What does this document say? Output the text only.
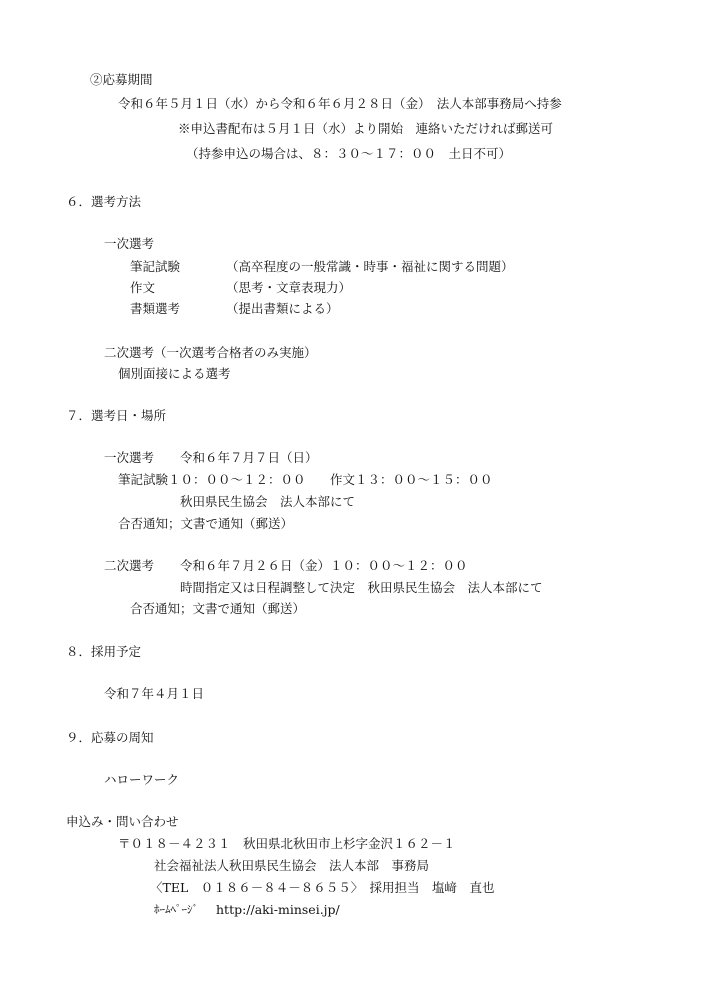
②応募期間
令和６年５月１日（水）から令和６年６月２８日（金）　法人本部事務局へ持参
※申込書配布は５月１日（水）より開始　連絡いただければ郵送可
（持参申込の場合は、８：３０～１７：００　土日不可）
６．選考方法
一次選考
筆記試験	（高卒程度の一般常識・時事・福祉に関する問題）
作文	（思考・文章表現力）
書類選考	（提出書類による）
二次選考（一次選考合格者のみ実施）
個別面接による選考
７．選考日・場所
一次選考 令和６年７月７日（日）
筆記試験１０：００～１２：００ 作文１３：００～１５：００
秋田県民生協会　法人本部にて
合否通知；文書で通知（郵送）
二次選考 令和６年７月２６日（金）１０：００～１２：００
時間指定又は日程調整して決定　秋田県民生協会　法人本部にて
合否通知；文書で通知（郵送）
８．採用予定
令和７年４月１日
９．応募の周知
ハローワーク
申込み・問い合わせ
〒０１８－４２３１　秋田県北秋田市上杉字金沢１６２－１
社会福祉法人秋田県民生協会　法人本部　事務局
〈TEL　０１８６－８４－８６５５〉　採用担当　塩﨑　直也
ﾎｰﾑﾍﾟｰｼﾞ http://aki-minsei.jp/
